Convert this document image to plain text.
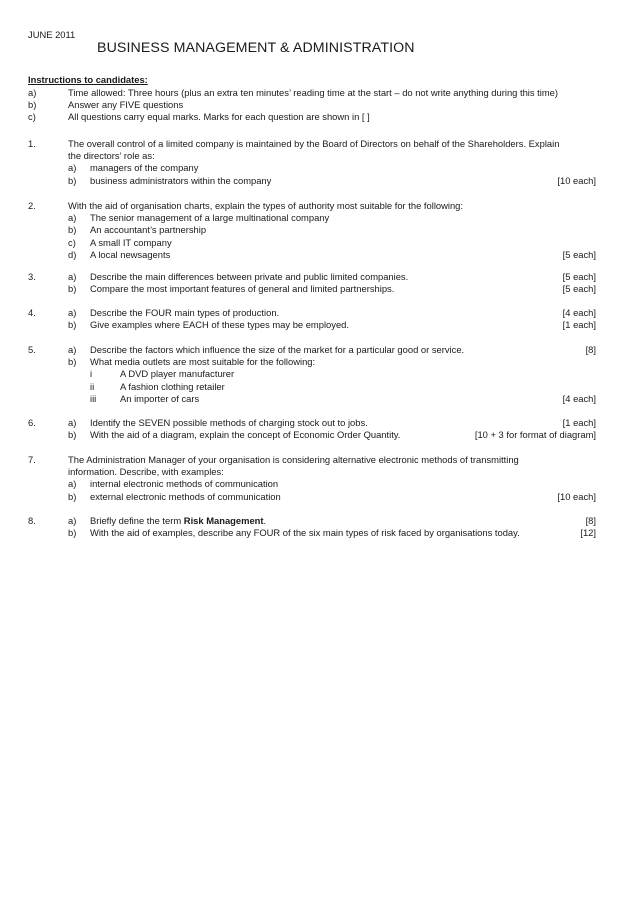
JUNE 2011
BUSINESS MANAGEMENT & ADMINISTRATION
Instructions to candidates:
a)	Time allowed: Three hours (plus an extra ten minutes’ reading time at the start – do not write anything during this time)
b)	Answer any FIVE questions
c)	All questions carry equal marks. Marks for each question are shown in [ ]
1.	The overall control of a limited company is maintained by the Board of Directors on behalf of the Shareholders. Explain
the directors’ role as:
a) managers of the company
b) business administrators within the company	[10 each]
2.	With the aid of organisation charts, explain the types of authority most suitable for the following:
a) The senior management of a large multinational company
b) An accountant’s partnership
c) A small IT company
d) A local newsagents	[5 each]
3.	a) Describe the main differences between private and public limited companies.	[5 each]
b) Compare the most important features of general and limited partnerships.	[5 each]
4.	a) Describe the FOUR main types of production.	[4 each]
b) Give examples where EACH of these types may be employed.	[1 each]
5.	a) Describe the factors which influence the size of the market for a particular good or service.	[8]
b) What media outlets are most suitable for the following:
i	A DVD player manufacturer
ii	A fashion clothing retailer
iii	An importer of cars	[4 each]
6.	a) Identify the SEVEN possible methods of charging stock out to jobs.	[1 each]
b) With the aid of a diagram, explain the concept of Economic Order Quantity.	[10 + 3 for format of diagram]
7.	The Administration Manager of your organisation is considering alternative electronic methods of transmitting
information. Describe, with examples:
a) internal electronic methods of communication
b) external electronic methods of communication	[10 each]
8.	a) Briefly define the term Risk Management.	[8]
b) With the aid of examples, describe any FOUR of the six main types of risk faced by organisations today.	[12]
